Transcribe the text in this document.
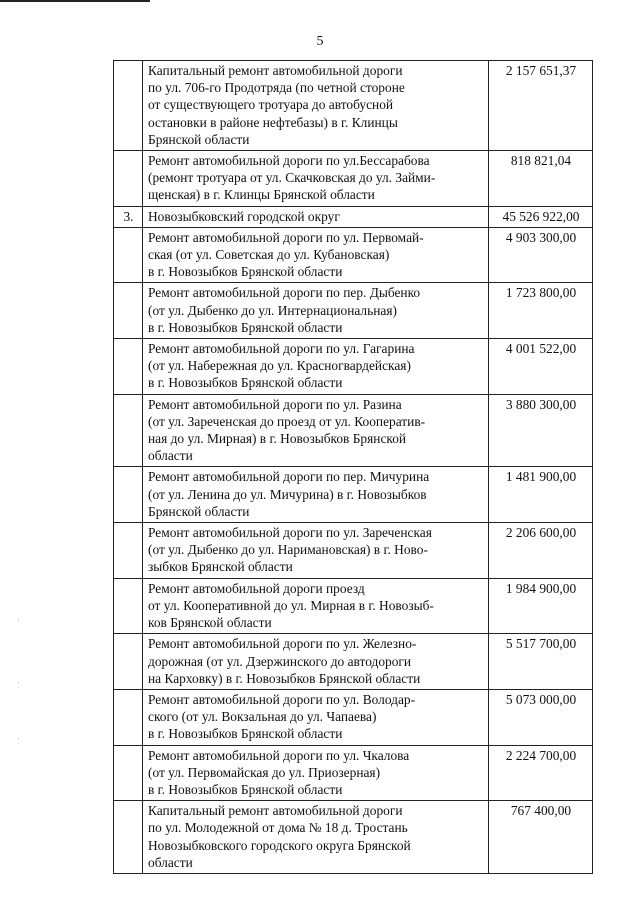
5

	Капитальный ремонт автомобильной дороги
по ул. 706-го Продотряда (по четной стороне
от существующего тротуара до автобусной
остановки в районе нефтебазы) в г. Клинцы
Брянской области	2 157 651,37

	Ремонт автомобильной дороги по ул.Бессарабова
(ремонт тротуара от ул. Скачковская до ул. Займи-
щенская) в г. Клинцы Брянской области	818 821,04
3.	Новозыбковский городской округ	45 526 922,00

	Ремонт автомобильной дороги по ул. Первомай-
ская (от ул. Советская до ул. Кубановская)
в г. Новозыбков Брянской области	4 903 300,00

	Ремонт автомобильной дороги по пер. Дыбенко
(от ул. Дыбенко до ул. Интернациональная)
в г. Новозыбков Брянской области	1 723 800,00

	Ремонт автомобильной дороги по ул. Гагарина
(от ул. Набережная до ул. Красногвардейская)
в г. Новозыбков Брянской области	4 001 522,00

	Ремонт автомобильной дороги по ул. Разина
(от ул. Зареченская до проезд от ул. Кооператив-
ная до ул. Мирная) в г. Новозыбков Брянской
области	3 880 300,00

	Ремонт автомобильной дороги по пер. Мичурина
(от ул. Ленина до ул. Мичурина) в г. Новозыбков
Брянской области	1 481 900,00

	Ремонт автомобильной дороги по ул. Зареченская
(от ул. Дыбенко до ул. Наримановская) в г. Ново-
зыбков Брянской области	2 206 600,00

	Ремонт автомобильной дороги проезд
от ул. Кооперативной до ул. Мирная в г. Новозыб-
ков Брянской области	1 984 900,00

	Ремонт автомобильной дороги по ул. Железно-
дорожная (от ул. Дзержинского до автодороги
на Карховку) в г. Новозыбков Брянской области	5 517 700,00

	Ремонт автомобильной дороги по ул. Володар-
ского (от ул. Вокзальная до ул. Чапаева)
в г. Новозыбков Брянской области	5 073 000,00

	Ремонт автомобильной дороги по ул. Чкалова
(от ул. Первомайская до ул. Приозерная)
в г. Новозыбков Брянской области	2 224 700,00

	Капитальный ремонт автомобильной дороги
по ул. Молодежной от дома № 18 д. Тростань
Новозыбковского городского округа Брянской
области	767 400,00
